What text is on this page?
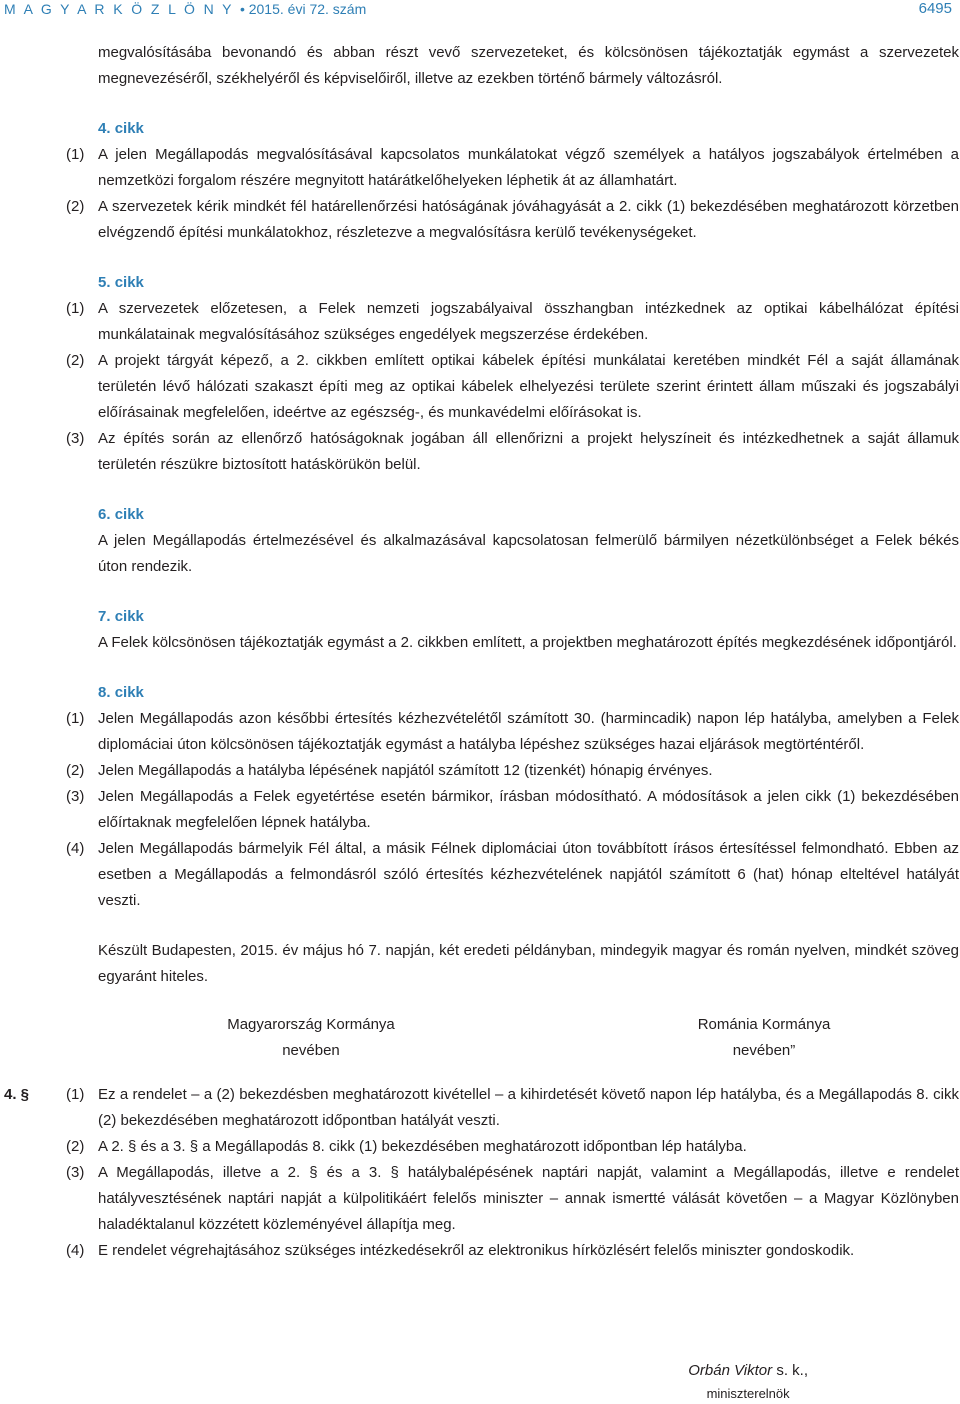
M A G Y A R K Ö Z L Ö N Y • 2015. évi 72. szám	6495

megvalósításába bevonandó és abban részt vevő szervezeteket, és kölcsönösen tájékoztatják egymást a szervezetek megnevezéséről, székhelyéről és képviselőiről, illetve az ezekben történő bármely változásról.

4. cikk
(1) A jelen Megállapodás megvalósításával kapcsolatos munkálatokat végző személyek a hatályos jogszabályok értelmében a nemzetközi forgalom részére megnyitott határátkelőhelyeken léphetik át az államhatárt.
(2) A szervezetek kérik mindkét fél határellenőrzési hatóságának jóváhagyását a 2. cikk (1) bekezdésében meghatározott körzetben elvégzendő építési munkálatokhoz, részletezve a megvalósításra kerülő tevékenységeket.
5. cikk
(1) A szervezetek előzetesen, a Felek nemzeti jogszabályaival összhangban intézkednek az optikai kábelhálózat építési munkálatainak megvalósításához szükséges engedélyek megszerzése érdekében.
(2) A projekt tárgyát képező, a 2. cikkben említett optikai kábelek építési munkálatai keretében mindkét Fél a saját államának területén lévő hálózati szakaszt építi meg az optikai kábelek elhelyezési területe szerint érintett állam műszaki és jogszabályi előírásainak megfelelően, ideértve az egészség-, és munkavédelmi előírásokat is.
(3) Az építés során az ellenőrző hatóságoknak jogában áll ellenőrizni a projekt helyszíneit és intézkedhetnek a saját államuk területén részükre biztosított hatáskörükön belül.
6. cikk
A jelen Megállapodás értelmezésével és alkalmazásával kapcsolatosan felmerülő bármilyen nézetkülönbséget a Felek békés úton rendezik.
7. cikk
A Felek kölcsönösen tájékoztatják egymást a 2. cikkben említett, a projektben meghatározott építés megkezdésének időpontjáról.
8. cikk
(1) Jelen Megállapodás azon későbbi értesítés kézhezvételétől számított 30. (harmincadik) napon lép hatályba, amelyben a Felek diplomáciai úton kölcsönösen tájékoztatják egymást a hatályba lépéshez szükséges hazai eljárások megtörténtéről.
(2) Jelen Megállapodás a hatályba lépésének napjától számított 12 (tizenkét) hónapig érvényes.
(3) Jelen Megállapodás a Felek egyetértése esetén bármikor, írásban módosítható. A módosítások a jelen cikk (1) bekezdésében előírtaknak megfelelően lépnek hatályba.
(4) Jelen Megállapodás bármelyik Fél által, a másik Félnek diplomáciai úton továbbított írásos értesítéssel felmondható. Ebben az esetben a Megállapodás a felmondásról szóló értesítés kézhezvételének napjától számított 6 (hat) hónap elteltével hatályát veszti.

Készült Budapesten, 2015. év május hó 7. napján, két eredeti példányban, mindegyik magyar és román nyelven, mindkét szöveg egyaránt hiteles.

Magyarország Kormánya
nevében
Románia Kormánya
nevében”
4. § (1) Ez a rendelet – a (2) bekezdésben meghatározott kivétellel – a kihirdetését követő napon lép hatályba, és a Megállapodás 8. cikk (2) bekezdésében meghatározott időpontban hatályát veszti.
(2) A 2. § és a 3. § a Megállapodás 8. cikk (1) bekezdésében meghatározott időpontban lép hatályba.
(3) A Megállapodás, illetve a 2. § és a 3. § hatálybalépésének naptári napját, valamint a Megállapodás, illetve e rendelet hatályvesztésének naptári napját a külpolitikáért felelős miniszter – annak ismertté válását követően – a Magyar Közlönyben haladéktalanul közzétett közleményével állapítja meg.
(4) E rendelet végrehajtásához szükséges intézkedésekről az elektronikus hírközlésért felelős miniszter gondoskodik.
Orbán Viktor s. k.,
miniszterelnök
